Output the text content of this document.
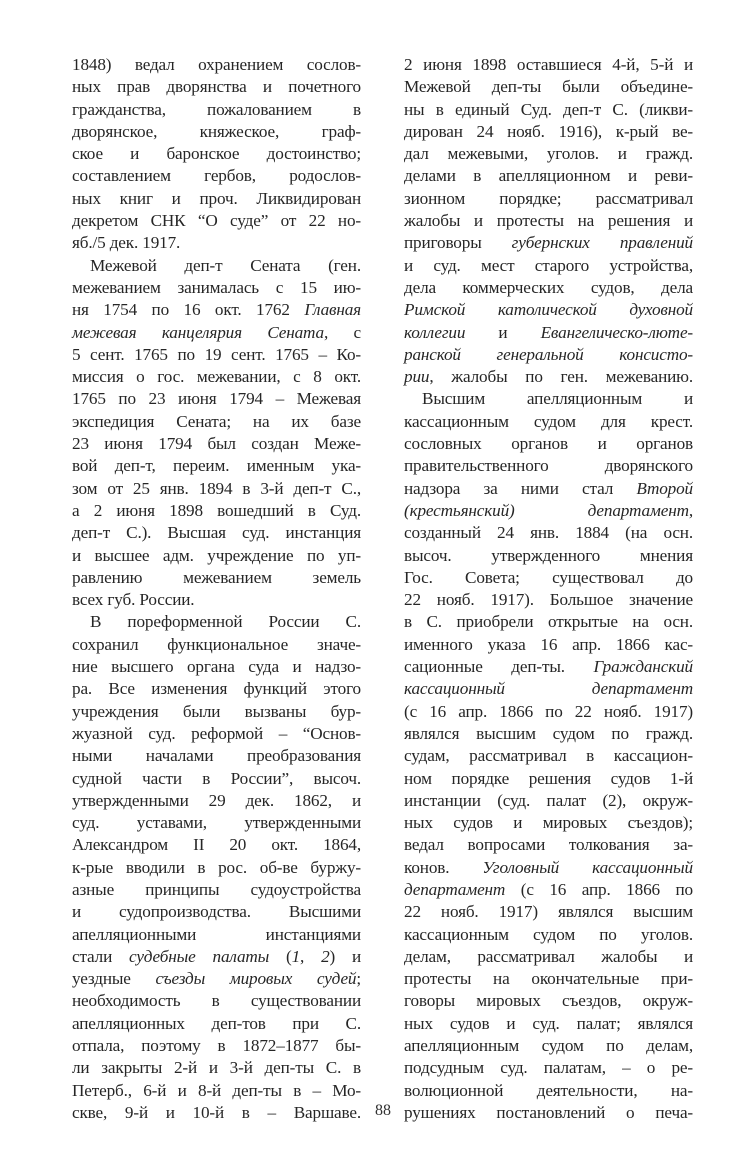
1848) ведал охранением сослов-
ных прав дворянства и почетного
гражданства, пожалованием в
дворянское, княжеское, граф-
ское и баронское достоинство;
составлением гербов, родослов-
ных книг и проч. Ликвидирован
декретом СНК “О суде” от 22 но-
яб./5 дек. 1917.
Межевой деп-т Сената (ген.
межеванием занималась с 15 ию-
ня 1754 по 16 окт. 1762 Главная
межевая канцелярия Сената, с
5 сент. 1765 по 19 сент. 1765 – Ко-
миссия о гос. межевании, с 8 окт.
1765 по 23 июня 1794 – Межевая
экспедиция Сената; на их базе
23 июня 1794 был создан Меже-
вой деп-т, переим. именным ука-
зом от 25 янв. 1894 в 3-й деп-т С.,
а 2 июня 1898 вошедший в Суд.
деп-т С.). Высшая суд. инстанция
и высшее адм. учреждение по уп-
равлению межеванием земель
всех губ. России.
В пореформенной России С.
сохранил функциональное значе-
ние высшего органа суда и надзо-
ра. Все изменения функций этого
учреждения были вызваны бур-
жуазной суд. реформой – “Основ-
ными началами преобразования
судной части в России”, высоч.
утвержденными 29 дек. 1862, и
суд. уставами, утвержденными
Александром II 20 окт. 1864,
к-рые вводили в рос. об-ве буржу-
азные принципы судоустройства
и судопроизводства. Высшими
апелляционными инстанциями
стали судебные палаты (1, 2) и
уездные съезды мировых судей;
необходимость в существовании
апелляционных деп-тов при С.
отпала, поэтому в 1872–1877 бы-
ли закрыты 2-й и 3-й деп-ты С. в
Петерб., 6-й и 8-й деп-ты в – Мо-
скве, 9-й и 10-й в – Варшаве.
2 июня 1898 оставшиеся 4-й, 5-й и
Межевой деп-ты были объедине-
ны в единый Суд. деп-т С. (ликви-
дирован 24 нояб. 1916), к-рый ве-
дал межевыми, уголов. и гражд.
делами в апелляционном и реви-
зионном порядке; рассматривал
жалобы и протесты на решения и
приговоры губернских правлений
и суд. мест старого устройства,
дела коммерческих судов, дела
Римской католической духовной
коллегии и Евангелическо-люте-
ранской генеральной консисто-
рии, жалобы по ген. межеванию.
Высшим апелляционным и
кассационным судом для крест.
сословных органов и органов
правительственного дворянского
надзора за ними стал Второй
(крестьянский) департамент,
созданный 24 янв. 1884 (на осн.
высоч. утвержденного мнения
Гос. Совета; существовал до
22 нояб. 1917). Большое значение
в С. приобрели открытые на осн.
именного указа 16 апр. 1866 кас-
сационные деп-ты. Гражданский
кассационный департамент
(с 16 апр. 1866 по 22 нояб. 1917)
являлся высшим судом по гражд.
судам, рассматривал в кассацион-
ном порядке решения судов 1-й
инстанции (суд. палат (2), окруж-
ных судов и мировых съездов);
ведал вопросами толкования за-
конов. Уголовный кассационный
департамент (с 16 апр. 1866 по
22 нояб. 1917) являлся высшим
кассационным судом по уголов.
делам, рассматривал жалобы и
протесты на окончательные при-
говоры мировых съездов, окруж-
ных судов и суд. палат; являлся
апелляционным судом по делам,
подсудным суд. палатам, – о ре-
волюционной деятельности, на-
рушениях постановлений о печа-
88
